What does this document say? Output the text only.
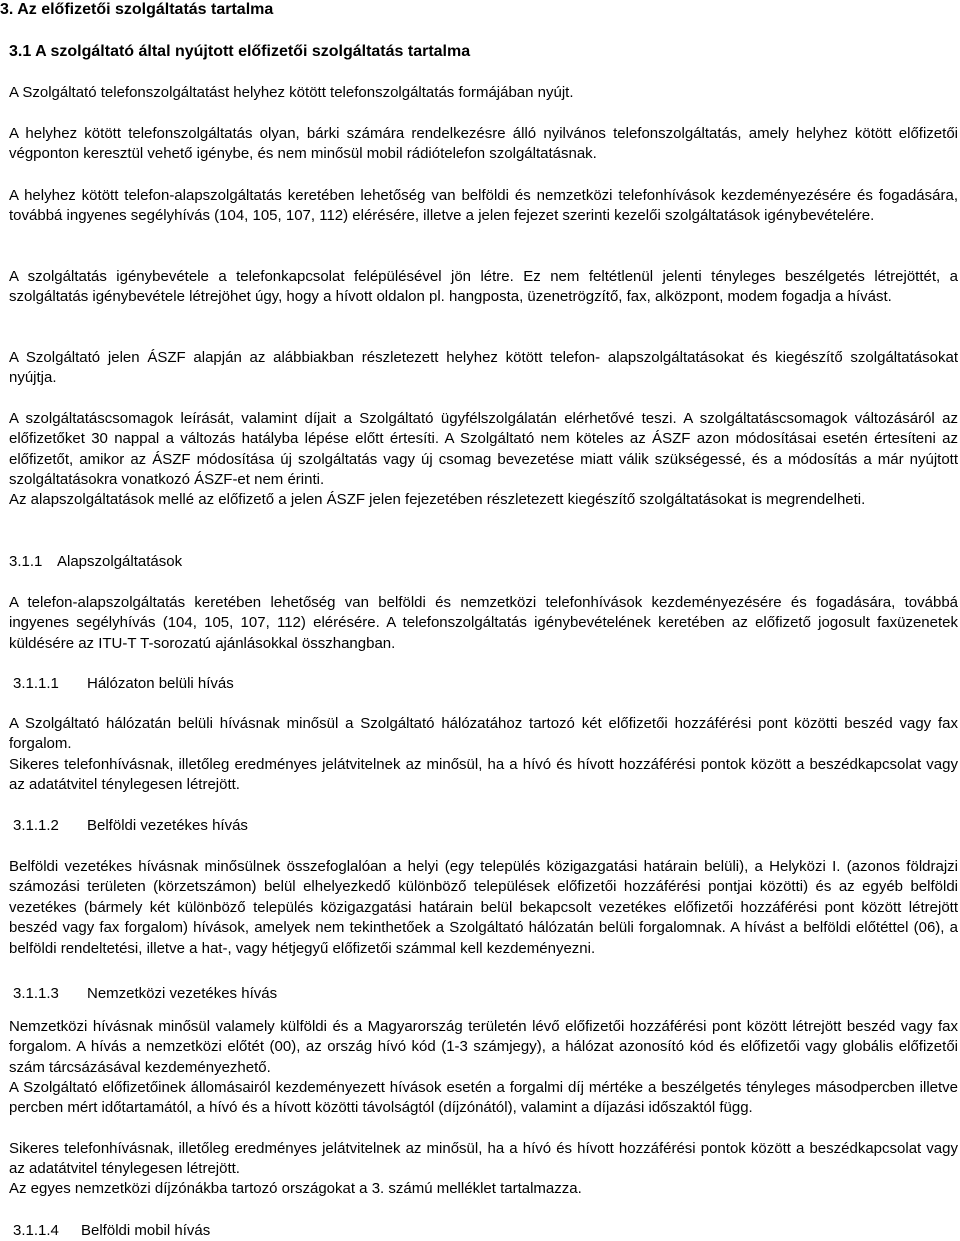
3. Az előfizetői szolgáltatás tartalma
3.1 A szolgáltató által nyújtott előfizetői szolgáltatás tartalma
A Szolgáltató telefonszolgáltatást helyhez kötött telefonszolgáltatás formájában nyújt.
A helyhez kötött telefonszolgáltatás olyan, bárki számára rendelkezésre álló nyilvános telefonszolgáltatás, amely helyhez kötött előfizetői végponton keresztül vehető igénybe, és nem minősül mobil rádiótelefon szolgáltatásnak.
A helyhez kötött telefon-alapszolgáltatás keretében lehetőség van belföldi és nemzetközi telefonhívások kezdeményezésére és fogadására, továbbá ingyenes segélyhívás (104, 105, 107, 112) elérésére, illetve a jelen fejezet szerinti kezelői szolgáltatások igénybevételére.
A szolgáltatás igénybevétele a telefonkapcsolat felépülésével jön létre. Ez nem feltétlenül jelenti tényleges beszélgetés létrejöttét, a szolgáltatás igénybevétele létrejöhet úgy, hogy a hívott oldalon pl. hangposta, üzenetrögzítő, fax, alközpont, modem fogadja a hívást.
A Szolgáltató jelen ÁSZF alapján az alábbiakban részletezett helyhez kötött telefon- alapszolgáltatásokat és kiegészítő szolgáltatásokat nyújtja.
A szolgáltatáscsomagok leírását, valamint díjait a Szolgáltató ügyfélszolgálatán elérhetővé teszi. A szolgáltatáscsomagok változásáról az előfizetőket 30 nappal a változás hatályba lépése előtt értesíti. A Szolgáltató nem köteles az ÁSZF azon módosításai esetén értesíteni az előfizetőt, amikor az ÁSZF módosítása új szolgáltatás vagy új csomag bevezetése miatt válik szükségessé, és a módosítás a már nyújtott szolgáltatásokra vonatkozó ÁSZF-et nem érinti.
Az alapszolgáltatások mellé az előfizető a jelen ÁSZF jelen fejezetében részletezett kiegészítő szolgáltatásokat is megrendelheti.
3.1.1 Alapszolgáltatások
A telefon-alapszolgáltatás keretében lehetőség van belföldi és nemzetközi telefonhívások kezdeményezésére és fogadására, továbbá ingyenes segélyhívás (104, 105, 107, 112) elérésére. A telefonszolgáltatás igénybevételének keretében az előfizető jogosult faxüzenetek küldésére az ITU-T T-sorozatú ajánlásokkal összhangban.
3.1.1.1 Hálózaton belüli hívás
A Szolgáltató hálózatán belüli hívásnak minősül a Szolgáltató hálózatához tartozó két előfizetői hozzáférési pont közötti beszéd vagy fax forgalom.
Sikeres telefonhívásnak, illetőleg eredményes jelátvitelnek az minősül, ha a hívó és hívott hozzáférési pontok között a beszédkapcsolat vagy az adatátvitel ténylegesen létrejött.
3.1.1.2 Belföldi vezetékes hívás
Belföldi vezetékes hívásnak minősülnek összefoglalóan a helyi (egy település közigazgatási határain belüli), a Helyközi I. (azonos földrajzi számozási területen (körzetszámon) belül elhelyezkedő különböző települések előfizetői hozzáférési pontjai közötti) és az egyéb belföldi vezetékes (bármely két különböző település közigazgatási határain belül bekapcsolt vezetékes előfizetői hozzáférési pont között létrejött beszéd vagy fax forgalom) hívások, amelyek nem tekinthetőek a Szolgáltató hálózatán belüli forgalomnak. A hívást a belföldi előtéttel (06), a belföldi rendeltetési, illetve a hat-, vagy hétjegyű előfizetői számmal kell kezdeményezni.
3.1.1.3 Nemzetközi vezetékes hívás
Nemzetközi hívásnak minősül valamely külföldi és a Magyarország területén lévő előfizetői hozzáférési pont között létrejött beszéd vagy fax forgalom. A hívás a nemzetközi előtét (00), az ország hívó kód (1-3 számjegy), a hálózat azonosító kód és előfizetői vagy globális előfizetői szám tárcsázásával kezdeményezhető.
A Szolgáltató előfizetőinek állomásairól kezdeményezett hívások esetén a forgalmi díj mértéke a beszélgetés tényleges másodpercben illetve percben mért időtartamától, a hívó és a hívott közötti távolságtól (díjzónától), valamint a díjazási időszaktól függ.
Sikeres telefonhívásnak, illetőleg eredményes jelátvitelnek az minősül, ha a hívó és hívott hozzáférési pontok között a beszédkapcsolat vagy az adatátvitel ténylegesen létrejött.
Az egyes nemzetközi díjzónákba tartozó országokat a 3. számú melléklet tartalmazza.
3.1.1.4 Belföldi mobil hívás
